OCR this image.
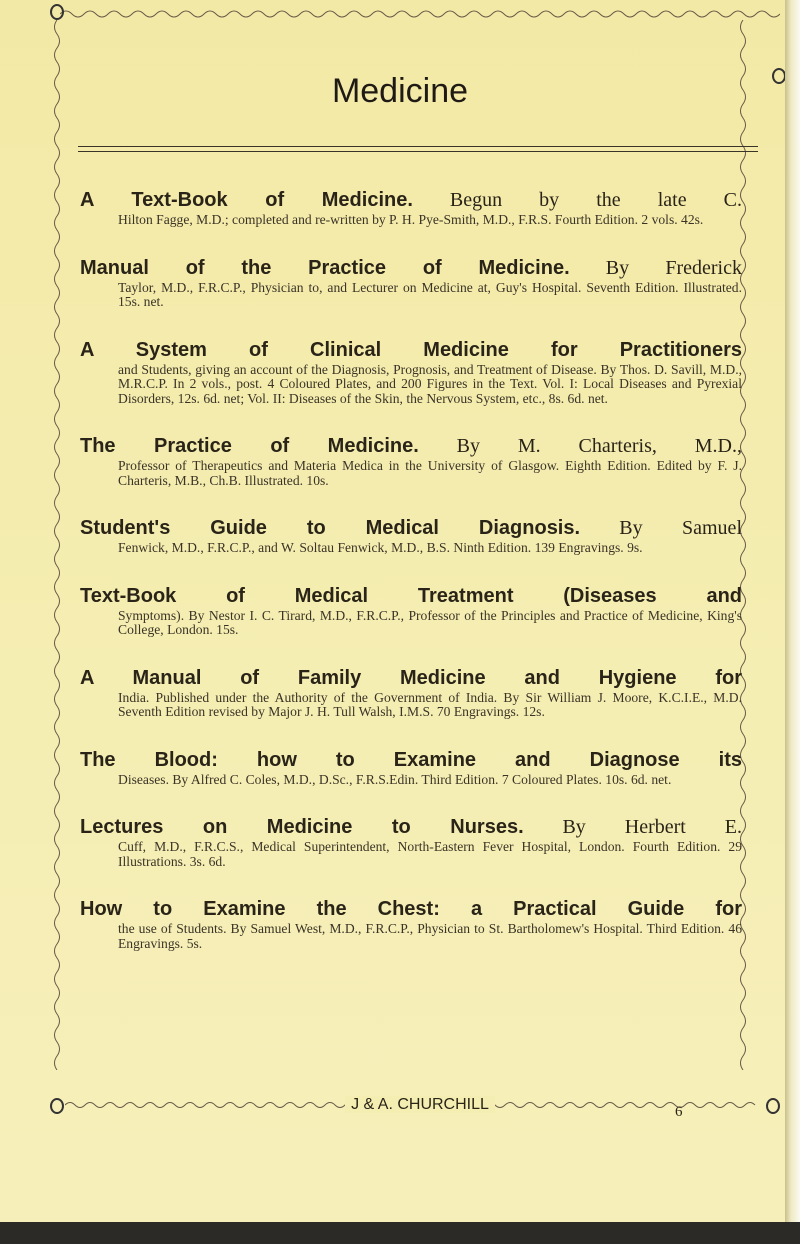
Medicine
A Text-Book of Medicine. Begun by the late C.
Hilton Fagge, M.D.; completed and re-written by P. H. Pye-Smith, M.D., F.R.S. Fourth Edition. 2 vols. 42s.
Manual of the Practice of Medicine. By Frederick
Taylor, M.D., F.R.C.P., Physician to, and Lecturer on Medicine at, Guy's Hospital. Seventh Edition. Illustrated. 15s. net.
A System of Clinical Medicine for Practitioners
and Students, giving an account of the Diagnosis, Prognosis, and Treatment of Disease. By Thos. D. Savill, M.D., M.R.C.P. In 2 vols., post. 4 Coloured Plates, and 200 Figures in the Text. Vol. I: Local Diseases and Pyrexial Disorders, 12s. 6d. net; Vol. II: Diseases of the Skin, the Nervous System, etc., 8s. 6d. net.
The Practice of Medicine. By M. Charteris, M.D.,
Professor of Therapeutics and Materia Medica in the University of Glasgow. Eighth Edition. Edited by F. J. Charteris, M.B., Ch.B. Illustrated. 10s.
Student's Guide to Medical Diagnosis. By Samuel
Fenwick, M.D., F.R.C.P., and W. Soltau Fenwick, M.D., B.S. Ninth Edition. 139 Engravings. 9s.
Text-Book of Medical Treatment (Diseases and
Symptoms). By Nestor I. C. Tirard, M.D., F.R.C.P., Professor of the Principles and Practice of Medicine, King's College, London. 15s.
A Manual of Family Medicine and Hygiene for
India. Published under the Authority of the Government of India. By Sir William J. Moore, K.C.I.E., M.D. Seventh Edition revised by Major J. H. Tull Walsh, I.M.S. 70 Engravings. 12s.
The Blood: how to Examine and Diagnose its
Diseases. By Alfred C. Coles, M.D., D.Sc., F.R.S.Edin. Third Edition. 7 Coloured Plates. 10s. 6d. net.
Lectures on Medicine to Nurses. By Herbert E.
Cuff, M.D., F.R.C.S., Medical Superintendent, North-Eastern Fever Hospital, London. Fourth Edition. 29 Illustrations. 3s. 6d.
How to Examine the Chest: a Practical Guide for
the use of Students. By Samuel West, M.D., F.R.C.P., Physician to St. Bartholomew's Hospital. Third Edition. 46 Engravings. 5s.
J & A. CHURCHILL	6
